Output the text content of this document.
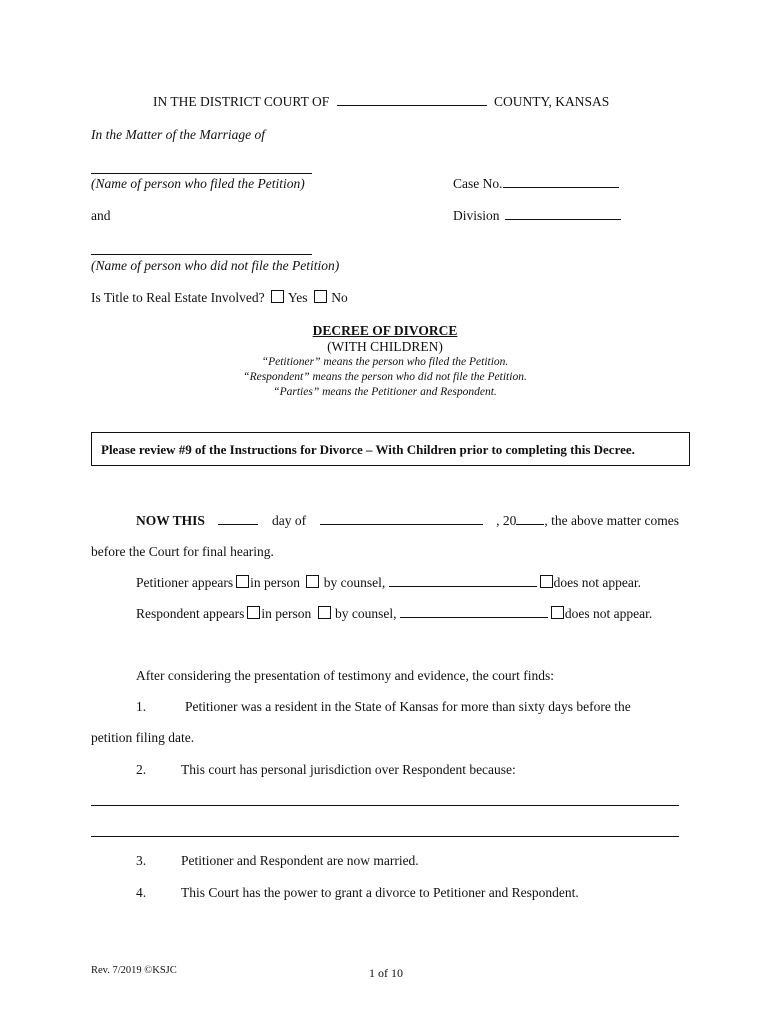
IN THE DISTRICT COURT OF	COUNTY, KANSAS
In the Matter of the Marriage of
(Name of person who filed the Petition)	Case No.
and	Division
(Name of person who did not file the Petition)
Is Title to Real Estate Involved? Yes No
DECREE OF DIVORCE
(WITH CHILDREN)
“Petitioner” means the person who filed the Petition.
“Respondent” means the person who did not file the Petition.
“Parties” means the Petitioner and Respondent.
Please review #9 of the Instructions for Divorce – With Children prior to completing this Decree.
NOW THIS	day of	, 20 , the above matter comes
before the Court for final hearing.
Petitioner appears in person by counsel,	does not appear.
Respondent appears in person by counsel,	does not appear.
After considering the presentation of testimony and evidence, the court finds:
1.	Petitioner was a resident in the State of Kansas for more than sixty days before the
petition filing date.
2.	This court has personal jurisdiction over Respondent because:
3.	Petitioner and Respondent are now married.
4.	This Court has the power to grant a divorce to Petitioner and Respondent.
Rev. 7/2019 ©KSJC	1 of 10
